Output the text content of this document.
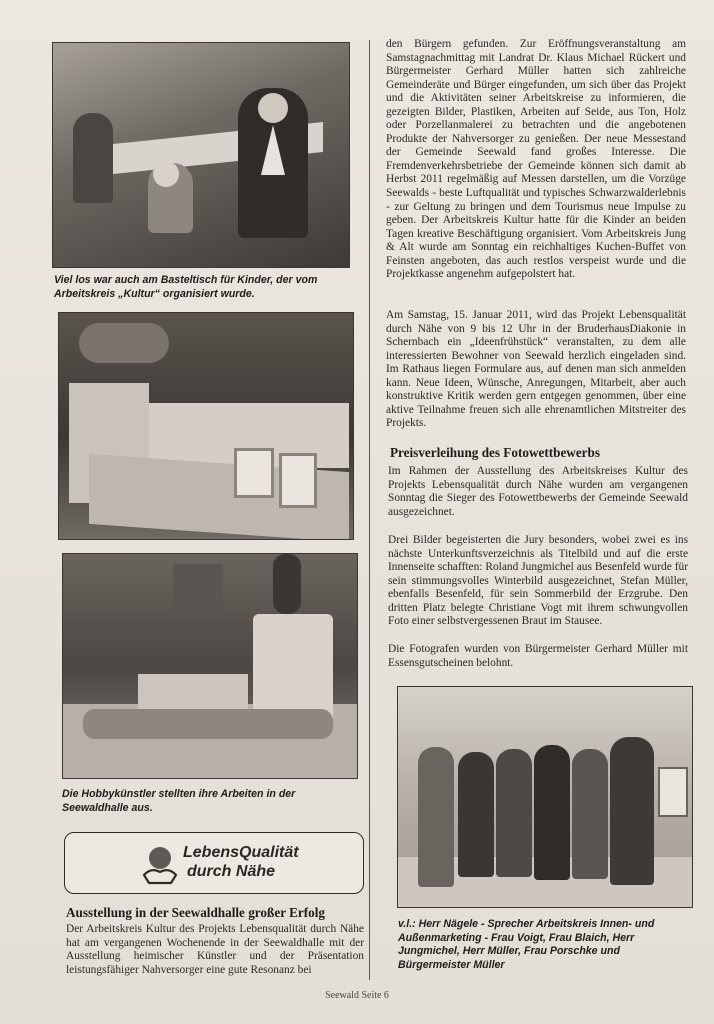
Viel los war auch am Basteltisch für Kinder, der vom Arbeitskreis „Kultur“ organisiert wurde.
Die Hobbykünstler stellten ihre Arbeiten in der Seewaldhalle aus.
LebensQualität
durch Nähe
Ausstellung in der Seewaldhalle großer Erfolg
Der Arbeitskreis Kultur des Projekts Lebensqualität durch Nähe hat am vergangenen Wochenende in der Seewaldhalle mit der Ausstellung heimischer Künstler und der Präsentation leistungsfähiger Nahversorger eine gute Resonanz bei
den Bürgern gefunden. Zur Eröffnungsveranstaltung am Samstagnachmittag mit Landrat Dr. Klaus Michael Rückert und Bürgermeister Gerhard Müller hatten sich zahlreiche Gemeinderäte und Bürger eingefunden, um sich über das Projekt und die Aktivitäten seiner Arbeitskreise zu informieren, die gezeigten Bilder, Plastiken, Arbeiten auf Seide, aus Ton, Holz oder Porzellanmalerei zu betrachten und die angebotenen Produkte der Nahversorger zu genießen. Der neue Messestand der Gemeinde Seewald fand großes Interesse. Die Fremdenverkehrsbetriebe der Gemeinde können sich damit ab Herbst 2011 regelmäßig auf Messen darstellen, um die Vorzüge Seewalds - beste Luftqualität und typisches Schwarzwalderlebnis - zur Geltung zu bringen und dem Tourismus neue Impulse zu geben. Der Arbeitskreis Kultur hatte für die Kinder an beiden Tagen kreative Beschäftigung organisiert. Vom Arbeitskreis Jung & Alt wurde am Sonntag ein reichhaltiges Kuchen-Buffet von Feinsten angeboten, das auch restlos verspeist wurde und die Projektkasse angenehm aufgepolstert hat.
Am Samstag, 15. Januar 2011, wird das Projekt Lebensqualität durch Nähe von 9 bis 12 Uhr in der BruderhausDiakonie in Schernbach ein „Ideenfrühstück“ veranstalten, zu dem alle interessierten Bewohner von Seewald herzlich eingeladen sind. Im Rathaus liegen Formulare aus, auf denen man sich anmelden kann. Neue Ideen, Wünsche, Anregungen, Mitarbeit, aber auch konstruktive Kritik werden gern entgegen genommen, über eine aktive Teilnahme freuen sich alle ehrenamtlichen Mitstreiter des Projekts.
Preisverleihung des Fotowettbewerbs
Im Rahmen der Ausstellung des Arbeitskreises Kultur des Projekts Lebensqualität durch Nähe wurden am vergangenen Sonntag die Sieger des Fotowettbewerbs der Gemeinde Seewald ausgezeichnet.
Drei Bilder begeisterten die Jury besonders, wobei zwei es ins nächste Unterkunftsverzeichnis als Titelbild und auf die erste Innenseite schafften: Roland Jungmichel aus Besenfeld wurde für sein stimmungsvolles Winterbild ausgezeichnet, Stefan Müller, ebenfalls Besenfeld, für sein Sommerbild der Erzgrube. Den dritten Platz belegte Christiane Vogt mit ihrem schwungvollen Foto einer selbstvergessenen Braut im Stausee.
Die Fotografen wurden von Bürgermeister Gerhard Müller mit Essensgutscheinen belohnt.
v.l.: Herr Nägele - Sprecher Arbeitskreis Innen- und Außenmarketing - Frau Voigt, Frau Blaich, Herr Jungmichel, Herr Müller, Frau Porschke und Bürgermeister Müller
Seewald Seite 6
